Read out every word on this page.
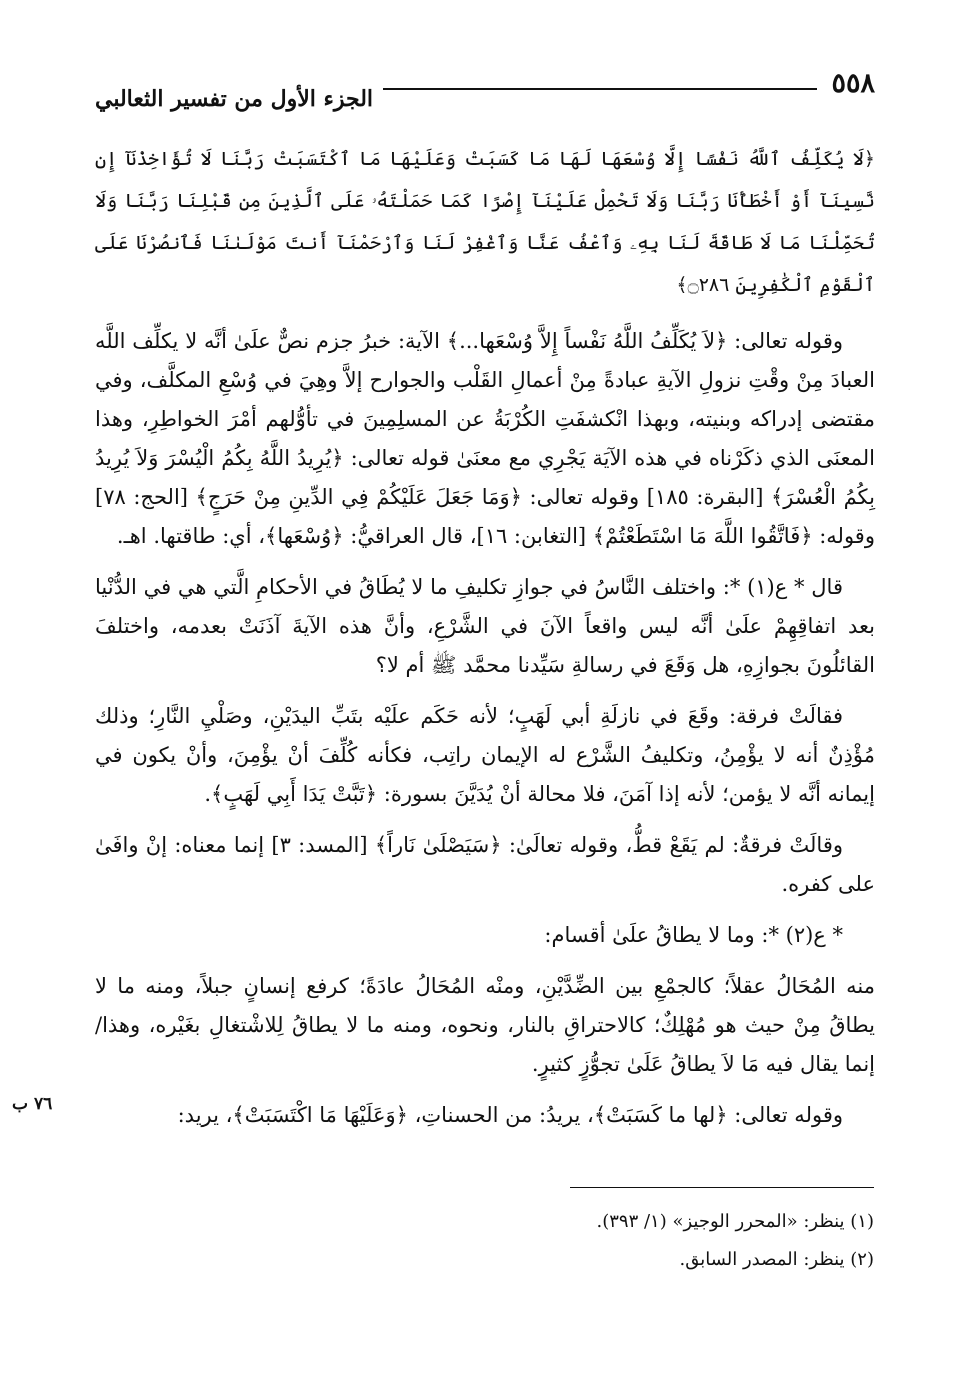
٥٥٨
الجزء الأول من تفسير الثعالبي
﴿لَا يُكَلِّفُ ٱللَّهُ نَفْسًا إِلَّا وُسْعَهَا لَهَا مَا كَسَبَتْ وَعَلَيْهَا مَا ٱكْتَسَبَتْ رَبَّنَا لَا تُؤَاخِذْنَآ إِن نَّسِينَآ أَوْ أَخْطَأْنَا رَبَّنَا وَلَا تَحْمِلْ عَلَيْنَآ إِصْرًا كَمَا حَمَلْتَهُۥ عَلَى ٱلَّذِينَ مِن قَبْلِنَا رَبَّنَا وَلَا تُحَمِّلْنَا مَا لَا طَاقَةَ لَنَا بِهِۦ وَٱعْفُ عَنَّا وَٱغْفِرْ لَنَا وَٱرْحَمْنَآ أَنتَ مَوْلَىٰنَا فَٱنصُرْنَا عَلَى ٱلْقَوْمِ ٱلْكَٰفِرِينَ ۝٢٨٦﴾

وقوله تعالى: ﴿لاَ يُكَلِّفُ اللَّهُ نَفْساً إِلاَّ وُسْعَها...﴾ الآية: خبرُ جزم نصٌّ علَىٰ أنَّه لا يكلِّف اللَّه العبادَ مِنْ وقْتِ نزولِ الآيةِ عبادةً مِنْ أعمالِ القَلْب والجوارح إلاَّ وهِيَ في وُسْعِ المكلَّف، وفي مقتضى إدراكه وبنيته، وبهذا انْكشفَتِ الكُرْبَةُ عن المسلِمِينَ في تأوُّلهم أمْرَ الخواطِرِ، وهذا المعنَى الذي ذكَرْناه في هذه الآيَة يَجْرِي مع معنَىٰ قوله تعالى: ﴿يُرِيدُ اللَّهُ بِكُمُ الْيُسْرَ وَلاَ يُرِيدُ بِكُمُ الْعُسْرَ﴾ [البقرة: ١٨٥] وقوله تعالى: ﴿وَمَا جَعَلَ عَلَيْكُمْ فِي الدِّينِ مِنْ حَرَجٍ﴾ [الحج: ٧٨] وقوله: ﴿فَاتَّقُوا اللَّهَ مَا اسْتَطَعْتُمْ﴾ [التغابن: ١٦]، قال العراقيُّ: ﴿وُسْعَها﴾، أي: طاقتها. اهـ.

قال * ع(١) *: واختلف النَّاسُ في جوازِ تكليفِ ما لا يُطَاقُ في الأحكامِ الَّتي هي في الدُّنْيا بعد اتفاقِهِمْ علَىٰ أنَّه ليس واقعاً الآنَ في الشَّرْعِ، وأنَّ هذه الآيةَ آذَنَتْ بعدمه، واختلفَ القائلُونَ بجوازِهِ، هل وَقَعَ في رسالةِ سَيِّدنا محمَّد ﷺ أم لا؟

فقالَتْ فرقة: وقَعَ في نازلَةِ أبي لَهَبٍ؛ لأنه حَكَم علَيْه بتَبِّ اليدَيْنِ، وصَلْيِ النَّارِ؛ وذلك مُؤْذِنٌ أنه لا يؤْمِنُ، وتكليفُ الشَّرْع له الإيمان راتِب، فكأنه كُلِّفَ أنْ يؤْمِنَ، وأنْ يكون في إيمانه أنَّه لا يؤمن؛ لأنه إذا آمَنَ، فلا محالة أنْ يُدَيَّنَ بسورة: ﴿تَبَّتْ يَدَا أَبِي لَهَبٍ﴾.

وقالَتْ فرقةٌ: لم يَقَعْ قطُّ، وقوله تعالَىٰ: ﴿سَيَصْلَىٰ نَاراً﴾ [المسد: ٣] إنما معناه: إنْ وافَىٰ على كفره.

* ع(٢) *: وما لا يطاقُ علَىٰ أقسام:

منه المُحَالُ عقلاً؛ كالجمْعِ بين الضِّدَّيْنِ، ومنْه المُحَالُ عادَةً؛ كرفع إنسانٍ جبلاً، ومنه ما لا يطاقُ مِنْ حيث هو مُهْلِكٌ؛ كالاحتراقِ بالنار، ونحوه، ومنه ما لا يطاقُ لِلاشْتغالِ بغَيْره، وهذا/ إنما يقال فيه مَا لاَ يطاقُ عَلَىٰ تجوُّزٍ كثيرٍ.

وقوله تعالى: ﴿لها ما كَسَبَتْ﴾، يريدُ: من الحسناتِ، ﴿وَعَلَيْهَا مَا اكْتَسَبَتْ﴾، يريد:

٧٦ ب
(١) ينظر: «المحرر الوجيز» (١/ ٣٩٣).
(٢) ينظر: المصدر السابق.
